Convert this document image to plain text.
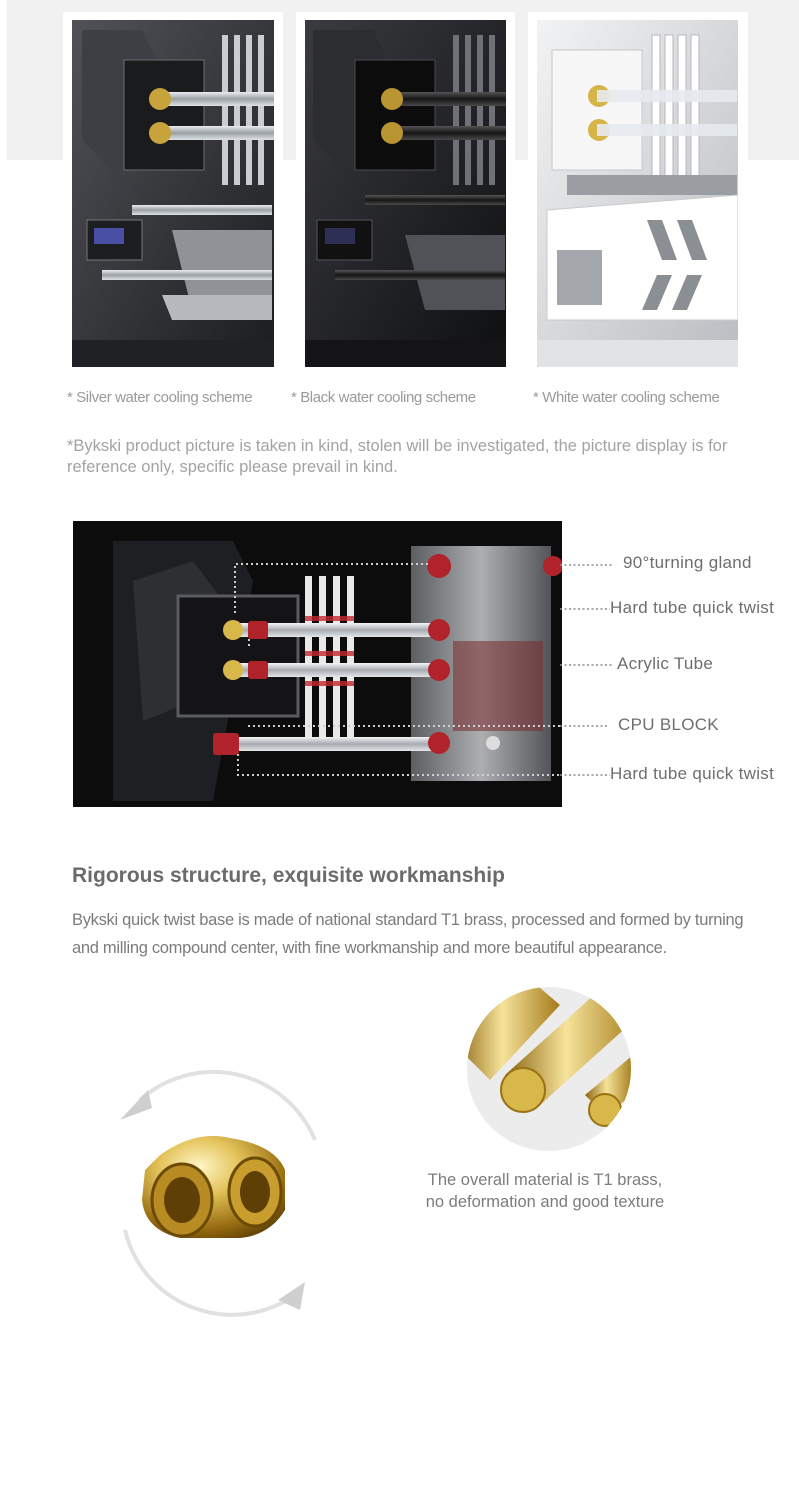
* Silver water cooling scheme	* Black water cooling scheme	* White water cooling scheme
*Bykski product picture is taken in kind, stolen will be investigated, the picture display is for reference only, specific please prevail in kind.
90°turning gland
Hard tube quick twist
Acrylic Tube
CPU BLOCK
Hard tube quick twist
Rigorous structure, exquisite workmanship
Bykski quick twist base is made of national standard T1 brass, processed and formed by turning and milling compound center, with fine workmanship and more beautiful appearance.
The overall material is T1 brass,
no deformation and good texture
